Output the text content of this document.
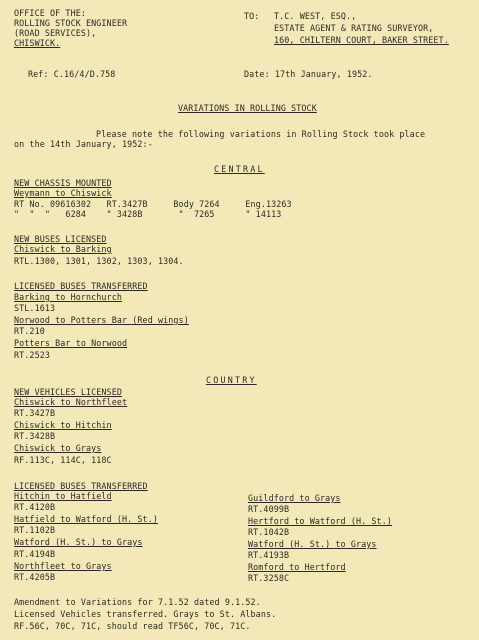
OFFICE OF THE:
ROLLING STOCK ENGINEER
(ROAD SERVICES),
CHISWICK.
TO: T.C. WEST, ESQ.,
ESTATE AGENT & RATING SURVEYOR,
160, CHILTERN COURT, BAKER STREET.
Ref: C.16/4/D.758	Date: 17th January, 1952.
VARIATIONS IN ROLLING STOCK
Please note the following variations in Rolling Stock took place
on the 14th January, 1952:-
CENTRAL
NEW CHASSIS MOUNTED
Weymann to Chiswick
RT No. 09616302   RT.3427B     Body 7264     Eng.13263
"  "  "   6284    " 3428B       "  7265      " 14113
NEW BUSES LICENSED
Chiswick to Barking
RTL.1300, 1301, 1302, 1303, 1304.
LICENSED BUSES TRANSFERRED
Barking to Hornchurch
STL.1613
Norwood to Potters Bar (Red wings)
RT.210
Potters Bar to Norwood
RT.2523
COUNTRY
NEW VEHICLES LICENSED
Chiswick to Northfleet
RT.3427B
Chiswick to Hitchin
RT.3428B
Chiswick to Grays
RF.113C, 114C, 118C
LICENSED BUSES TRANSFERRED
Hitchin to Hatfield
RT.4120B
Hatfield to Watford (H. St.)
RT.1102B
Watford (H. St.) to Grays
RT.4194B
Northfleet to Grays
RT.4205B
Guildford to Grays
RT.4099B
Hertford to Watford (H. St.)
RT.1042B
Watford (H. St.) to Grays
RT.4193B
Romford to Hertford
RT.3258C
Amendment to Variations for 7.1.52 dated 9.1.52.
Licensed Vehicles transferred. Grays to St. Albans.
RF.56C, 70C, 71C, should read TF56C, 70C, 71C.
